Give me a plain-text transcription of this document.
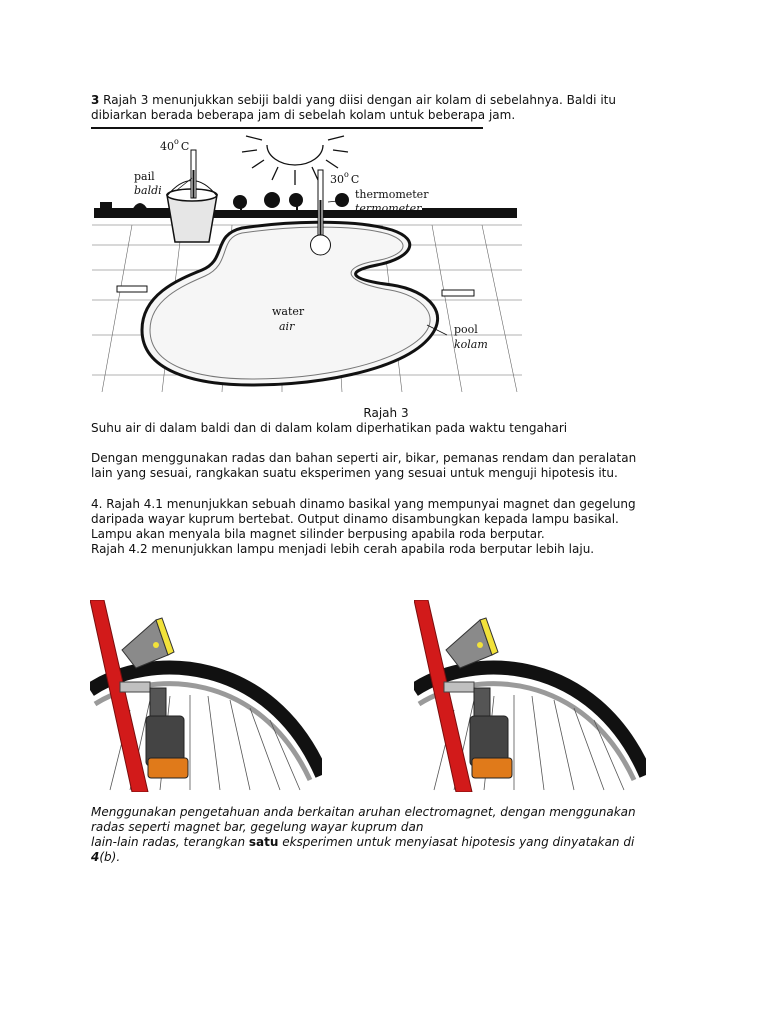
3 Rajah 3 menunjukkan sebiji baldi yang diisi dengan air kolam di sebelahnya. Baldi itu

dibiarkan berada beberapa jam di sebelah kolam untuk beberapa jam.

40$^o$ C
30$^o$ C
pail
baldi	thermometer
termometer
water
air	pool
kolam
Rajah 3
Suhu air di dalam baldi dan di dalam kolam diperhatikan pada waktu tengahari

Dengan menggunakan radas dan bahan seperti air, bikar, pemanas rendam dan peralatan

lain yang sesuai, rangkakan suatu eksperimen yang sesuai untuk menguji hipotesis itu.

4. Rajah 4.1 menunjukkan sebuah dinamo basikal yang mempunyai magnet dan gegelung

daripada wayar kuprum bertebat. Output dinamo disambungkan kepada lampu basikal.

Lampu akan menyala bila magnet silinder berpusing apabila roda berputar.

Rajah 4.2 menunjukkan lampu menjadi lebih cerah apabila roda berputar lebih laju.

Menggunakan pengetahuan anda berkaitan aruhan electromagnet, dengan menggunakan

radas seperti magnet bar, gegelung wayar kuprum dan

lain-lain radas, terangkan satu eksperimen untuk menyiasat hipotesis yang dinyatakan di

4(b).
